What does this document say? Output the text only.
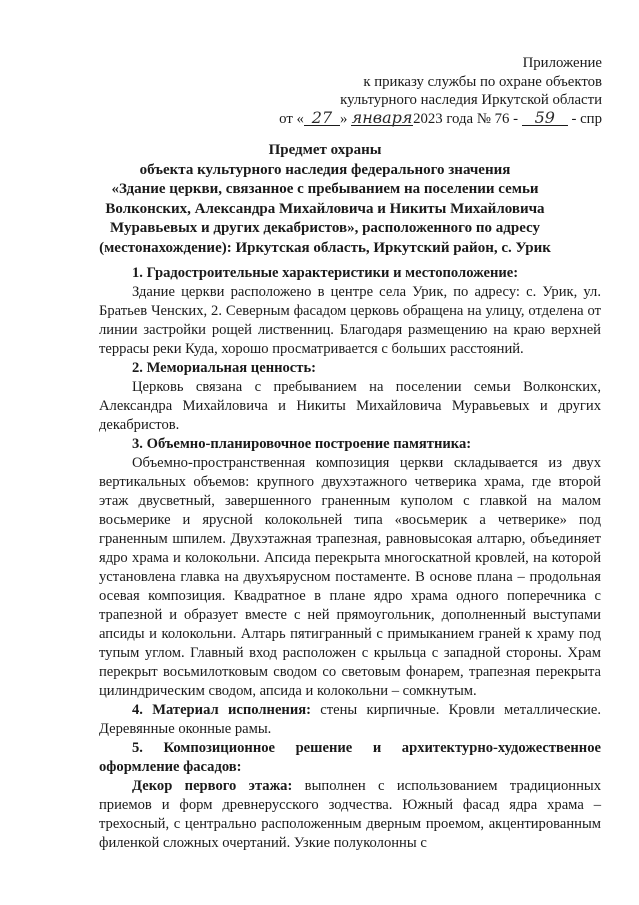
Приложение
к приказу службы по охране объектов
культурного наследия Иркутской области
от « 27 » января2023 года № 76 - 59 - спр
Предмет охраны
объекта культурного наследия федерального значения
«Здание церкви, связанное с пребыванием на поселении семьи
Волконских, Александра Михайловича и Никиты Михайловича
Муравьевых и других декабристов», расположенного по адресу
(местонахождение): Иркутская область, Иркутский район, с. Урик
1. Градостроительные характеристики и местоположение:

Здание церкви расположено в центре села Урик, по адресу: с. Урик, ул. Братьев Ченских, 2. Северным фасадом церковь обращена на улицу, отделена от линии застройки рощей лиственниц. Благодаря размещению на краю верхней террасы реки Куда, хорошо просматривается с больших расстояний.

2. Мемориальная ценность:

Церковь связана с пребыванием на поселении семьи Волконских, Александра Михайловича и Никиты Михайловича Муравьевых и других декабристов.

3. Объемно-планировочное построение памятника:

Объемно-пространственная композиция церкви складывается из двух вертикальных объемов: крупного двухэтажного четверика храма, где второй этаж двусветный, завершенного граненным куполом с главкой на малом восьмерике и ярусной колокольней типа «восьмерик а четверике» под граненным шпилем. Двухэтажная трапезная, равновысокая алтарю, объединяет ядро храма и колокольни. Апсида перекрыта многоскатной кровлей, на которой установлена главка на двухъярусном постаменте. В основе плана – продольная осевая композиция. Квадратное в плане ядро храма одного поперечника с трапезной и образует вместе с ней прямоугольник, дополненный выступами апсиды и колокольни. Алтарь пятигранный с примыканием граней к храму под тупым углом. Главный вход расположен с крыльца с западной стороны. Храм перекрыт восьмилотковым сводом со световым фонарем, трапезная перекрыта цилиндрическим сводом, апсида и колокольни – сомкнутым.

4. Материал исполнения: стены кирпичные. Кровли металлические. Деревянные оконные рамы.

5. Композиционное решение и архитектурно-художественное
оформление фасадов:

Декор первого этажа: выполнен с использованием традиционных приемов и форм древнерусского зодчества. Южный фасад ядра храма – трехосный, с центрально расположенным дверным проемом, акцентированным филенкой сложных очертаний. Узкие полуколонны с
